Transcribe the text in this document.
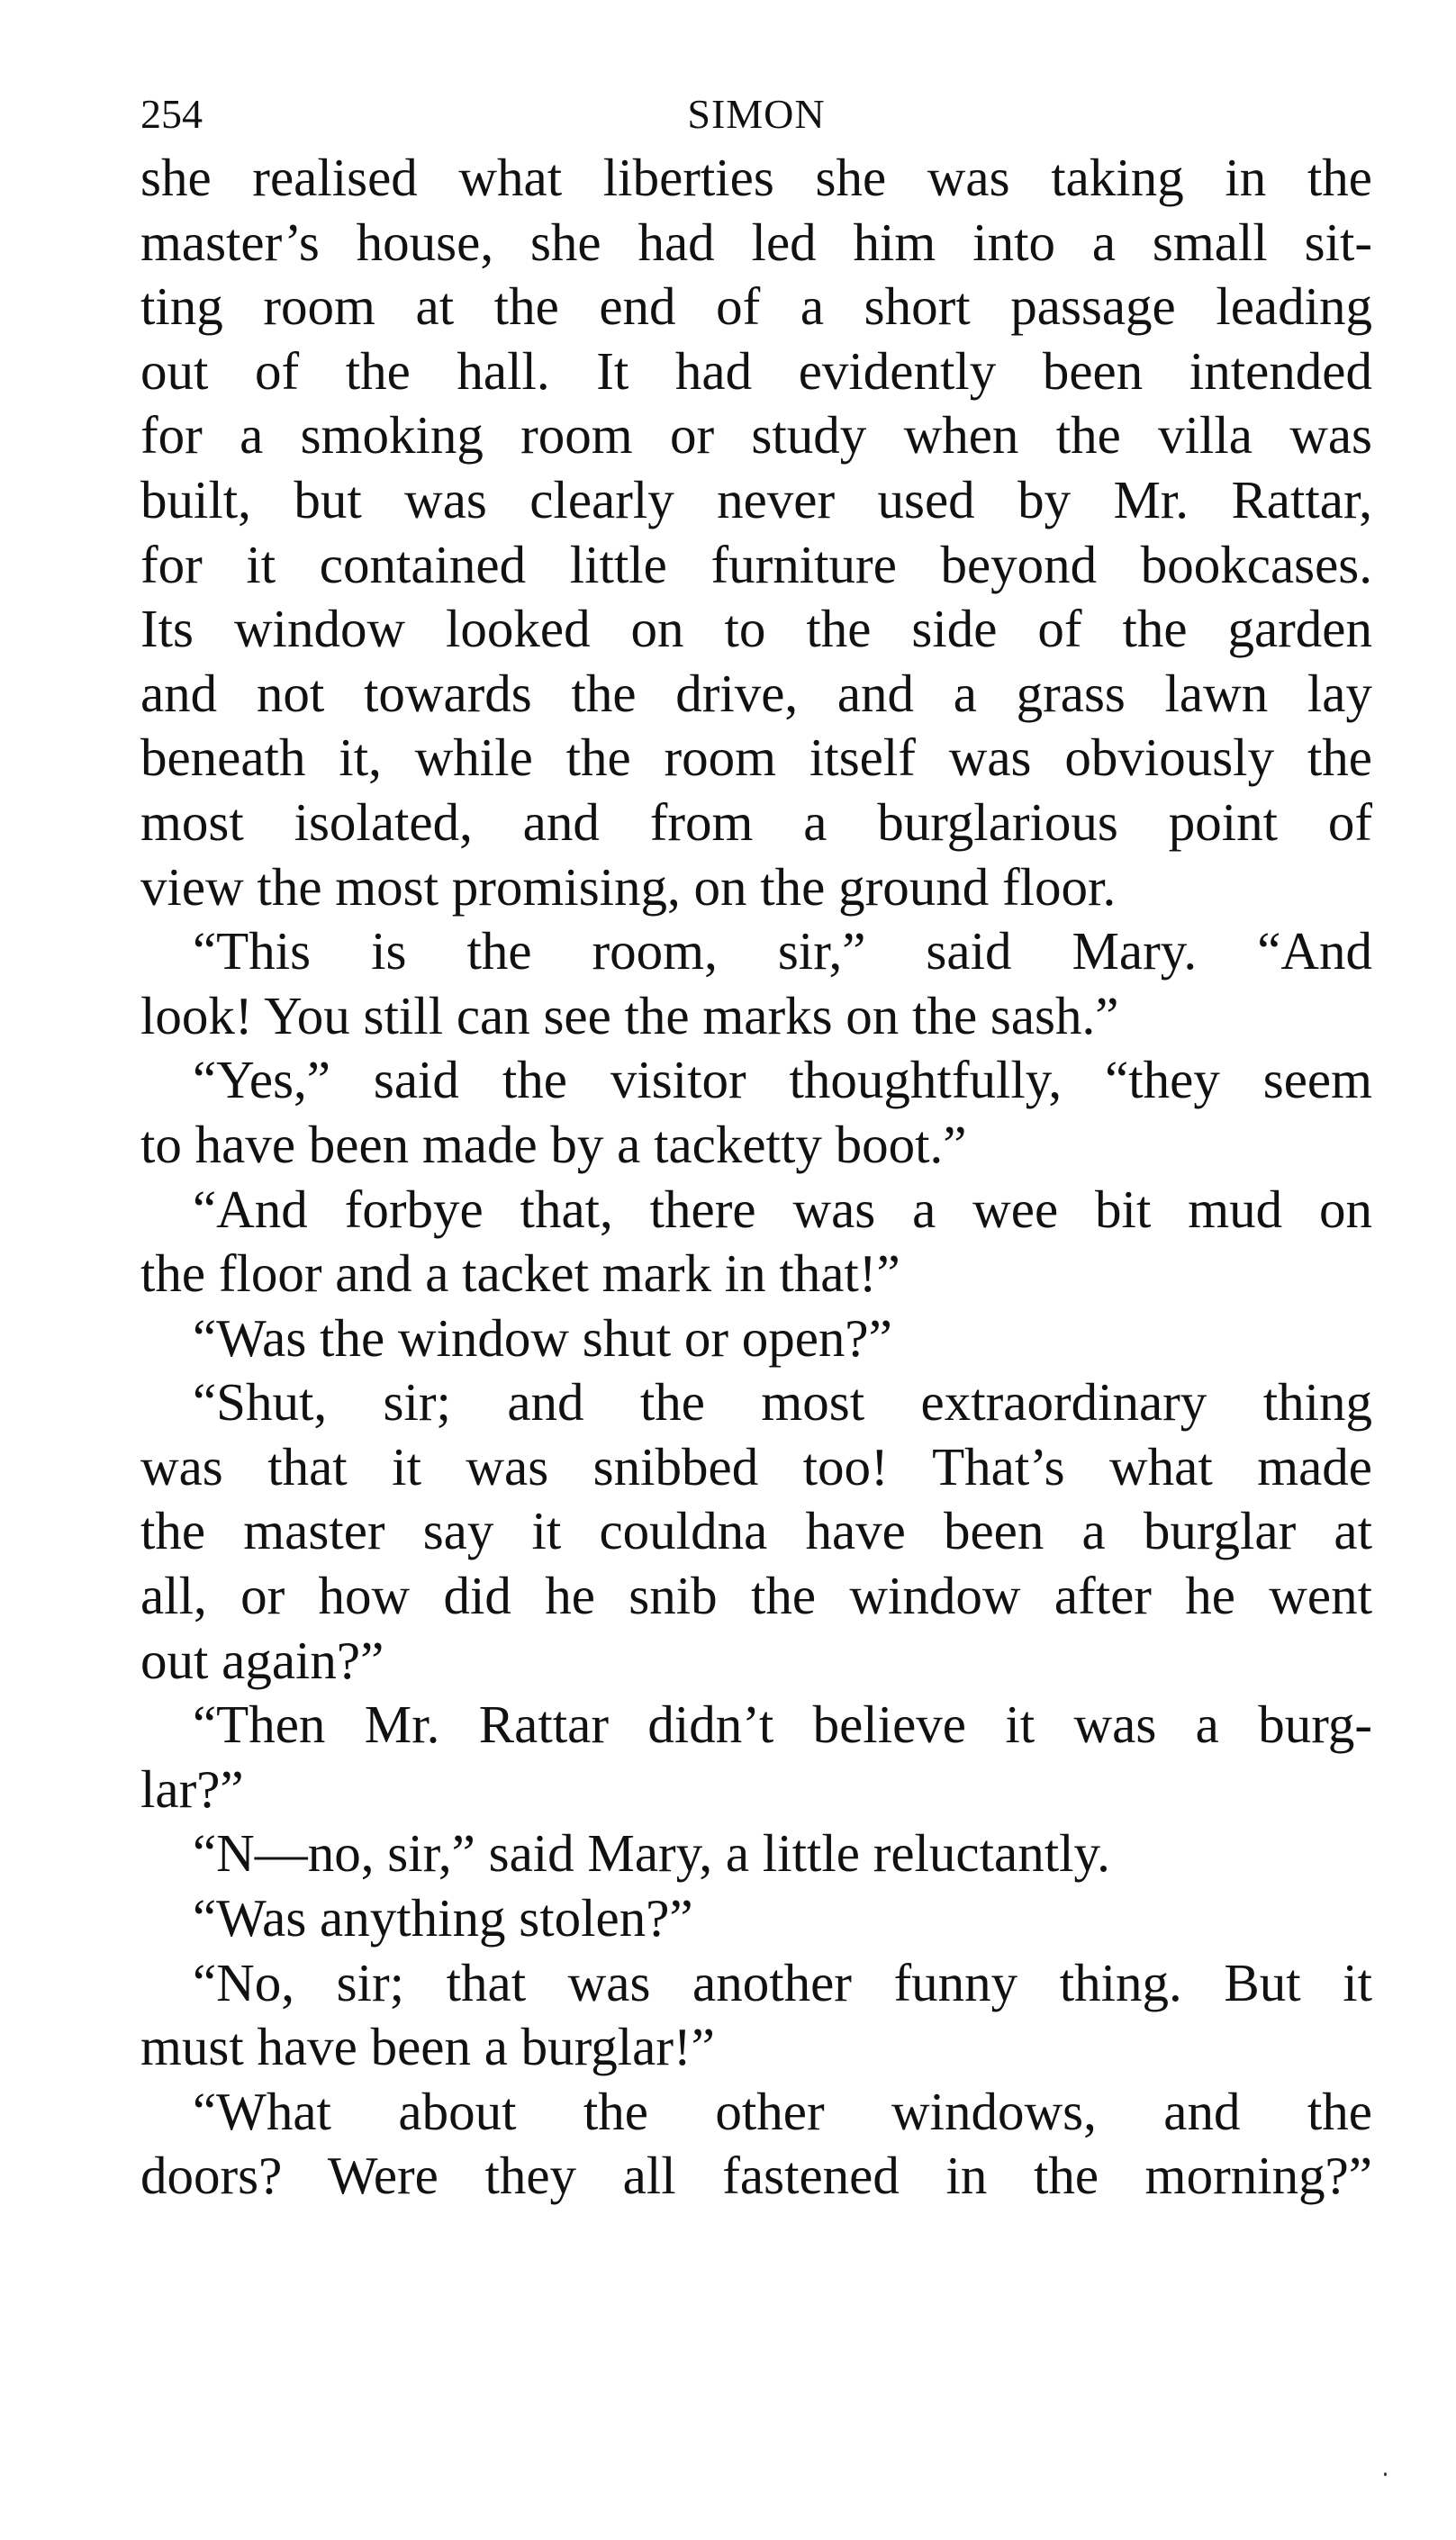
254	SIMON
she realised what liberties she was taking in the
master’s house, she had led him into a small sit-
ting room at the end of a short passage leading
out of the hall. It had evidently been intended
for a smoking room or study when the villa was
built, but was clearly never used by Mr. Rattar,
for it contained little furniture beyond bookcases.
Its window looked on to the side of the garden
and not towards the drive, and a grass lawn lay
beneath it, while the room itself was obviously the
most isolated, and from a burglarious point of
view the most promising, on the ground floor.
“This is the room, sir,” said Mary. “And
look! You still can see the marks on the sash.”
“Yes,” said the visitor thoughtfully, “they seem
to have been made by a tacketty boot.”
“And forbye that, there was a wee bit mud on
the floor and a tacket mark in that!”
“Was the window shut or open?”
“Shut, sir; and the most extraordinary thing
was that it was snibbed too! That’s what made
the master say it couldna have been a burglar at
all, or how did he snib the window after he went
out again?”
“Then Mr. Rattar didn’t believe it was a burg-
lar?”
“N—no, sir,” said Mary, a little reluctantly.
“Was anything stolen?”
“No, sir; that was another funny thing. But it
must have been a burglar!”
“What about the other windows, and the
doors? Were they all fastened in the morning?”
